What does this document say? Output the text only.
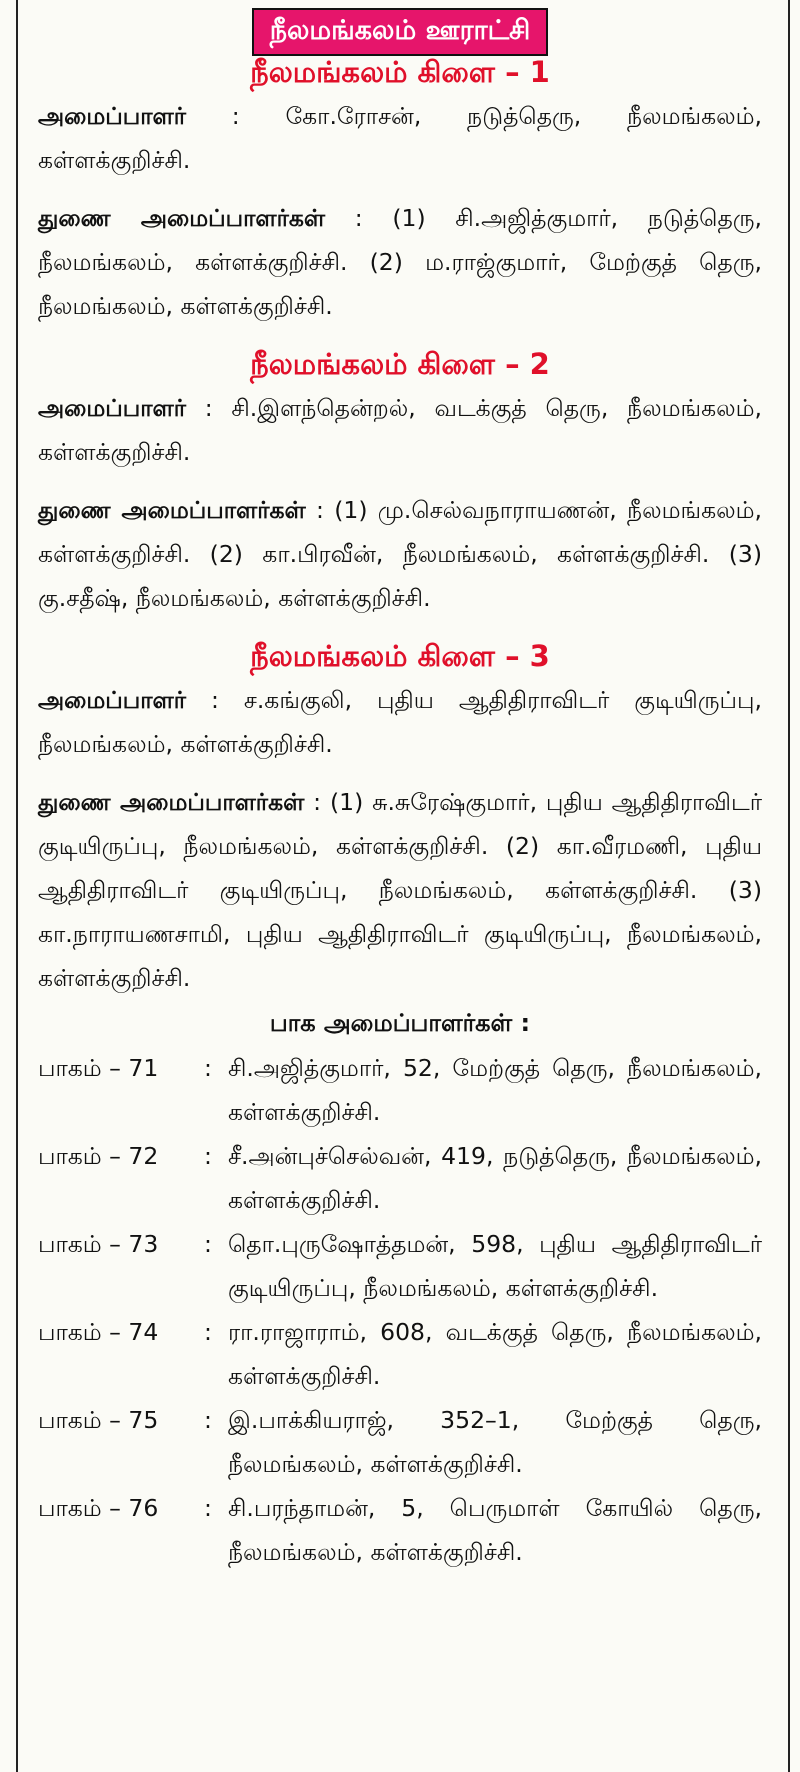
நீலமங்கலம் ஊராட்சி
நீலமங்கலம் கிளை – 1

அமைப்பாளர் : கோ.ரோசன், நடுத்தெரு, நீலமங்கலம், கள்ளக்குறிச்சி.

துணை அமைப்பாளர்கள் : (1) சி.அஜித்குமார், நடுத்தெரு, நீலமங்கலம், கள்ளக்குறிச்சி. (2) ம.ராஜ்குமார், மேற்குத் தெரு, நீலமங்கலம், கள்ளக்குறிச்சி.

நீலமங்கலம் கிளை – 2

அமைப்பாளர் : சி.இளந்தென்றல், வடக்குத் தெரு, நீலமங்கலம், கள்ளக்குறிச்சி.

துணை அமைப்பாளர்கள் : (1) மு.செல்வநாராயணன், நீலமங்கலம், கள்ளக்குறிச்சி. (2) கா.பிரவீன், நீலமங்கலம், கள்ளக்குறிச்சி. (3) கு.சதீஷ், நீலமங்கலம், கள்ளக்குறிச்சி.

நீலமங்கலம் கிளை – 3

அமைப்பாளர் : ச.கங்குலி, புதிய ஆதிதிராவிடர் குடியிருப்பு, நீலமங்கலம், கள்ளக்குறிச்சி.

துணை அமைப்பாளர்கள் : (1) சு.சுரேஷ்குமார், புதிய ஆதிதிராவிடர் குடியிருப்பு, நீலமங்கலம், கள்ளக்குறிச்சி. (2) கா.வீரமணி, புதிய ஆதிதிராவிடர் குடியிருப்பு, நீலமங்கலம், கள்ளக்குறிச்சி. (3) கா.நாராயணசாமி, புதிய ஆதிதிராவிடர் குடியிருப்பு, நீலமங்கலம், கள்ளக்குறிச்சி.

பாக அமைப்பாளர்கள் :

பாகம் – 71	: சி.அஜித்குமார், 52, மேற்குத் தெரு, நீலமங்கலம், கள்ளக்குறிச்சி.
பாகம் – 72	: சீ.அன்புச்செல்வன், 419, நடுத்தெரு, நீலமங்கலம், கள்ளக்குறிச்சி.
பாகம் – 73	: தொ.புருஷோத்தமன், 598, புதிய ஆதிதிராவிடர் குடியிருப்பு, நீலமங்கலம், கள்ளக்குறிச்சி.
பாகம் – 74	: ரா.ராஜாராம், 608, வடக்குத் தெரு, நீலமங்கலம், கள்ளக்குறிச்சி.
பாகம் – 75	: இ.பாக்கியராஜ், 352–1, மேற்குத் தெரு, நீலமங்கலம், கள்ளக்குறிச்சி.
பாகம் – 76	: சி.பரந்தாமன், 5, பெருமாள் கோயில் தெரு, நீலமங்கலம், கள்ளக்குறிச்சி.
